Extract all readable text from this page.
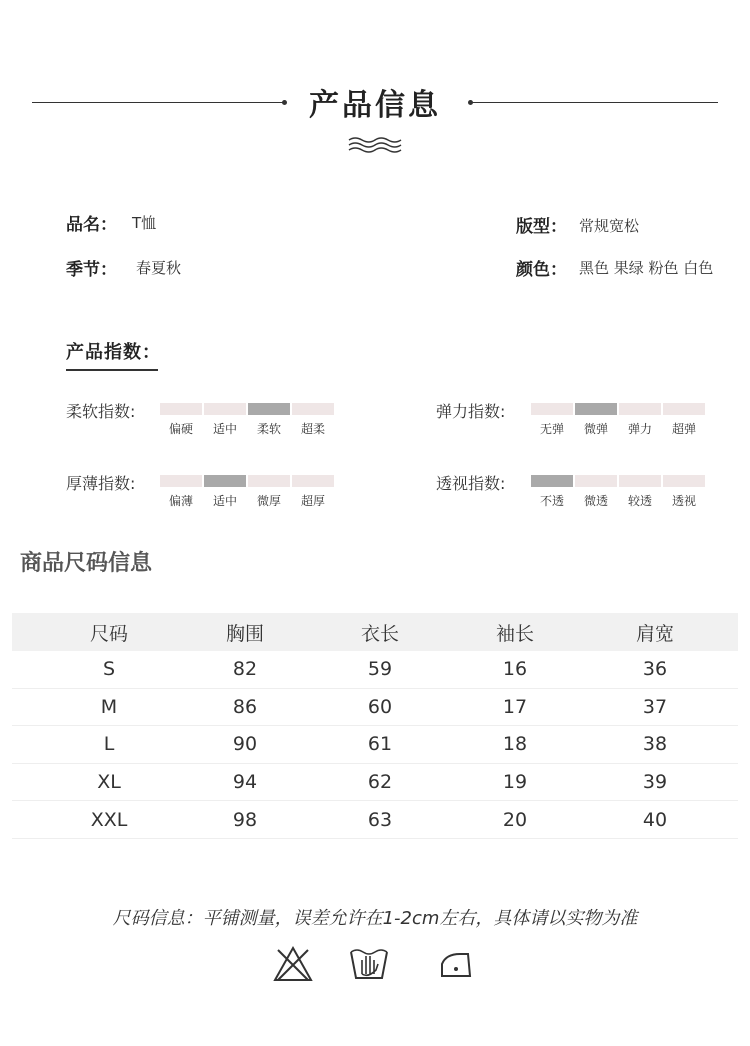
产品信息
品名： T恤
季节： 春夏秋
版型： 常规宽松
颜色： 黑色 果绿 粉色 白色
产品指数：
柔软指数:
偏硬	适中	柔软	超柔
弹力指数:
无弹	微弹	弹力	超弹
厚薄指数:
偏薄	适中	微厚	超厚
透视指数:
不透	微透	较透	透视
商品尺码信息
尺码	胸围	衣长	袖长	肩宽
S	82	59	16	36
M	86	60	17	37
L	90	61	18	38
XL	94	62	19	39
XXL	98	63	20	40
尺码信息：平铺测量，误差允许在1-2cm左右，具体请以实物为准
